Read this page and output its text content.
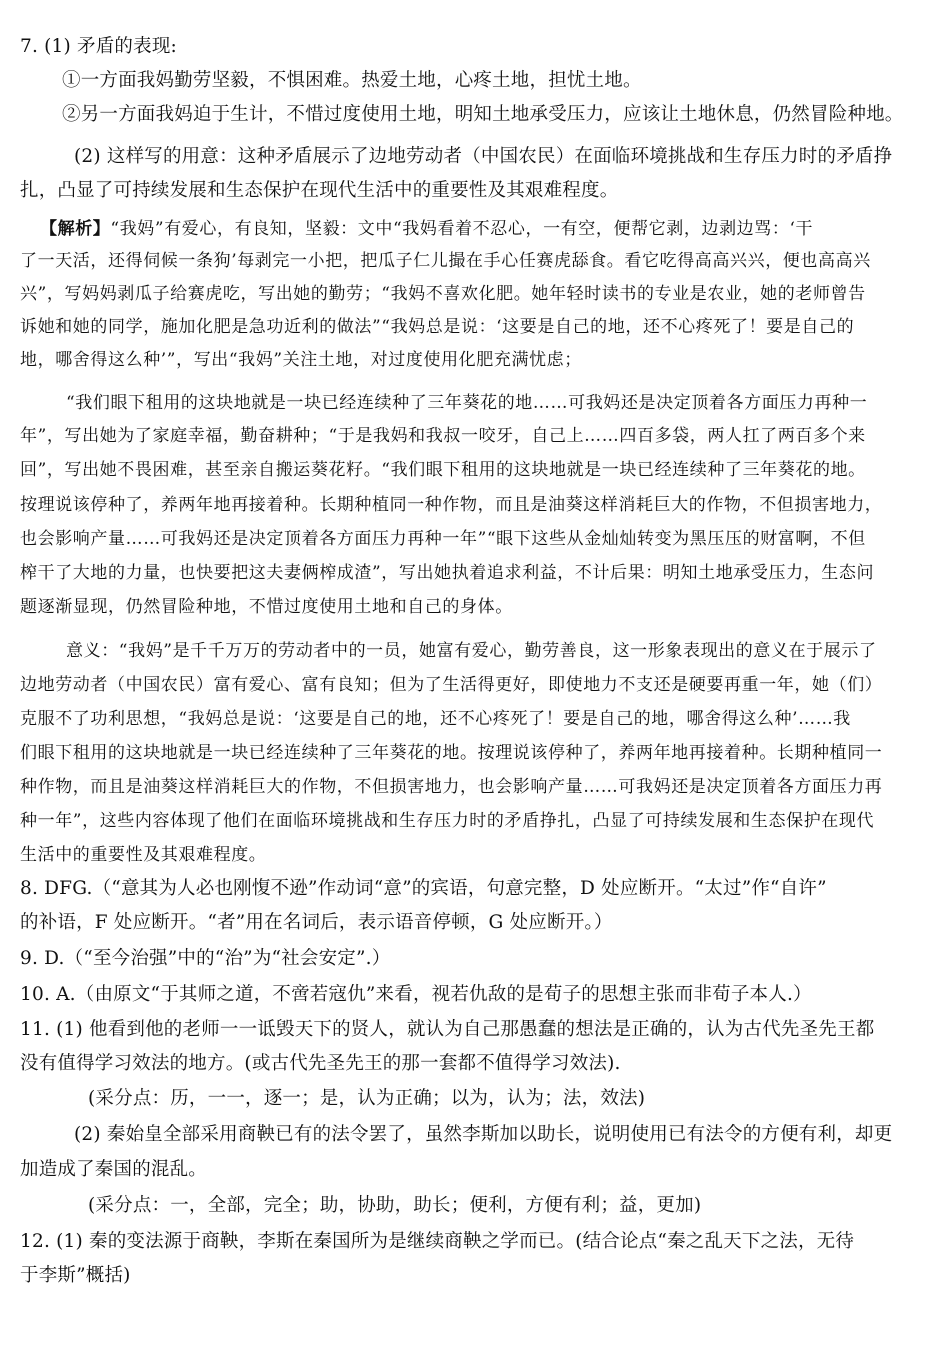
7. (1) 矛盾的表现:

①一方面我妈勤劳坚毅，不惧困难。热爱土地，心疼土地，担忧土地。

②另一方面我妈迫于生计，不惜过度使用土地，明知土地承受压力，应该让土地休息，仍然冒险种地。

(2) 这样写的用意：这种矛盾展示了边地劳动者（中国农民）在面临环境挑战和生存压力时的矛盾挣

扎，凸显了可持续发展和生态保护在现代生活中的重要性及其艰难程度。

【解析】“我妈”有爱心，有良知，坚毅：文中“我妈看着不忍心，一有空，便帮它剥，边剥边骂：‘干

了一天活，还得伺候一条狗’每剥完一小把，把瓜子仁儿撮在手心任赛虎舔食。看它吃得高高兴兴，便也高高兴

兴”，写妈妈剥瓜子给赛虎吃，写出她的勤劳；“我妈不喜欢化肥。她年轻时读书的专业是农业，她的老师曾告

诉她和她的同学，施加化肥是急功近利的做法”“我妈总是说：‘这要是自己的地，还不心疼死了！要是自己的

地，哪舍得这么种’”，写出“我妈”关注土地，对过度使用化肥充满忧虑；

“我们眼下租用的这块地就是一块已经连续种了三年葵花的地……可我妈还是决定顶着各方面压力再种一

年”，写出她为了家庭幸福，勤奋耕种；“于是我妈和我叔一咬牙，自己上……四百多袋，两人扛了两百多个来

回”，写出她不畏困难，甚至亲自搬运葵花籽。“我们眼下租用的这块地就是一块已经连续种了三年葵花的地。

按理说该停种了，养两年地再接着种。长期种植同一种作物，而且是油葵这样消耗巨大的作物，不但损害地力，

也会影响产量……可我妈还是决定顶着各方面压力再种一年”“眼下这些从金灿灿转变为黑压压的财富啊，不但

榨干了大地的力量，也快要把这夫妻俩榨成渣”，写出她执着追求利益，不计后果：明知土地承受压力，生态问

题逐渐显现，仍然冒险种地，不惜过度使用土地和自己的身体。

意义：“我妈”是千千万万的劳动者中的一员，她富有爱心，勤劳善良，这一形象表现出的意义在于展示了

边地劳动者（中国农民）富有爱心、富有良知；但为了生活得更好，即使地力不支还是硬要再重一年，她（们）

克服不了功利思想，“我妈总是说：‘这要是自己的地，还不心疼死了！要是自己的地，哪舍得这么种’……我

们眼下租用的这块地就是一块已经连续种了三年葵花的地。按理说该停种了，养两年地再接着种。长期种植同一

种作物，而且是油葵这样消耗巨大的作物，不但损害地力，也会影响产量……可我妈还是决定顶着各方面压力再

种一年”，这些内容体现了他们在面临环境挑战和生存压力时的矛盾挣扎，凸显了可持续发展和生态保护在现代

生活中的重要性及其艰难程度。

8. DFG.（“意其为人必也刚愎不逊”作动词“意”的宾语，句意完整，D 处应断开。“太过”作“自许”

的补语，F 处应断开。“者”用在名词后，表示语音停顿，G 处应断开。）

9. D.（“至今治强”中的“治”为“社会安定”.）

10. A.（由原文“于其师之道，不啻若寇仇”来看，视若仇敌的是荀子的思想主张而非荀子本人.）

11. (1) 他看到他的老师一一诋毁天下的贤人，就认为自己那愚蠢的想法是正确的，认为古代先圣先王都

没有值得学习效法的地方。(或古代先圣先王的那一套都不值得学习效法).

(采分点：历，一一，逐一；是，认为正确；以为，认为；法，效法)

(2) 秦始皇全部采用商鞅已有的法令罢了，虽然李斯加以助长，说明使用已有法令的方便有利，却更

加造成了秦国的混乱。

(采分点：一，全部，完全；助，协助，助长；便利，方便有利；益，更加)

12. (1) 秦的变法源于商鞅，李斯在秦国所为是继续商鞅之学而已。(结合论点“秦之乱天下之法，无待

于李斯”概括)
